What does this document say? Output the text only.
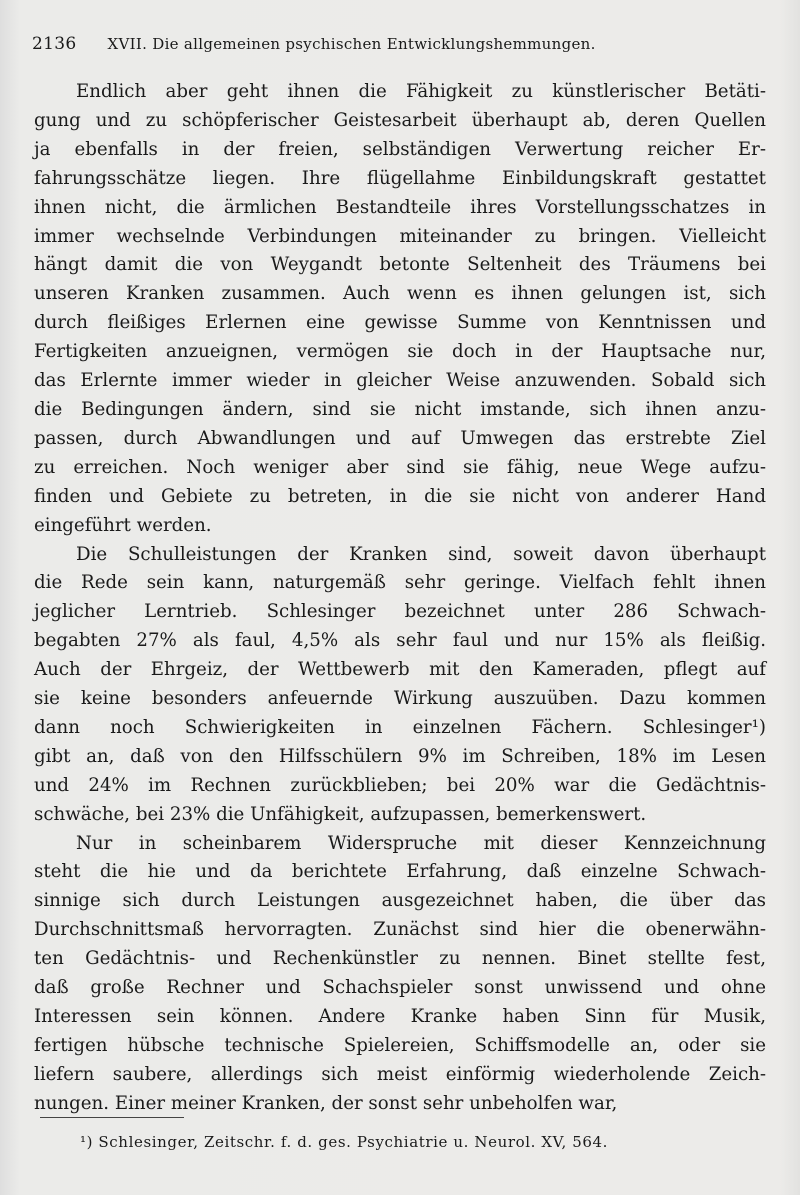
2136 XVII. Die allgemeinen psychischen Entwicklungshemmungen.
Endlich aber geht ihnen die Fähigkeit zu künstlerischer Betäti-
gung und zu schöpferischer Geistesarbeit überhaupt ab, deren Quellen
ja ebenfalls in der freien, selbständigen Verwertung reicher Er-
fahrungsschätze liegen. Ihre flügellahme Einbildungskraft gestattet
ihnen nicht, die ärmlichen Bestandteile ihres Vorstellungsschatzes in
immer wechselnde Verbindungen miteinander zu bringen. Vielleicht
hängt damit die von Weygandt betonte Seltenheit des Träumens bei
unseren Kranken zusammen. Auch wenn es ihnen gelungen ist, sich
durch fleißiges Erlernen eine gewisse Summe von Kenntnissen und
Fertigkeiten anzueignen, vermögen sie doch in der Hauptsache nur,
das Erlernte immer wieder in gleicher Weise anzuwenden. Sobald sich
die Bedingungen ändern, sind sie nicht imstande, sich ihnen anzu-
passen, durch Abwandlungen und auf Umwegen das erstrebte Ziel
zu erreichen. Noch weniger aber sind sie fähig, neue Wege aufzu-
finden und Gebiete zu betreten, in die sie nicht von anderer Hand
eingeführt werden.
Die Schulleistungen der Kranken sind, soweit davon überhaupt
die Rede sein kann, naturgemäß sehr geringe. Vielfach fehlt ihnen
jeglicher Lerntrieb. Schlesinger bezeichnet unter 286 Schwach-
begabten 27% als faul, 4,5% als sehr faul und nur 15% als fleißig.
Auch der Ehrgeiz, der Wettbewerb mit den Kameraden, pflegt auf
sie keine besonders anfeuernde Wirkung auszuüben. Dazu kommen
dann noch Schwierigkeiten in einzelnen Fächern. Schlesinger¹)
gibt an, daß von den Hilfsschülern 9% im Schreiben, 18% im Lesen
und 24% im Rechnen zurückblieben; bei 20% war die Gedächtnis-
schwäche, bei 23% die Unfähigkeit, aufzupassen, bemerkenswert.
Nur in scheinbarem Widerspruche mit dieser Kennzeichnung
steht die hie und da berichtete Erfahrung, daß einzelne Schwach-
sinnige sich durch Leistungen ausgezeichnet haben, die über das
Durchschnittsmaß hervorragten. Zunächst sind hier die obenerwähn-
ten Gedächtnis- und Rechenkünstler zu nennen. Binet stellte fest,
daß große Rechner und Schachspieler sonst unwissend und ohne
Interessen sein können. Andere Kranke haben Sinn für Musik,
fertigen hübsche technische Spielereien, Schiffsmodelle an, oder sie
liefern saubere, allerdings sich meist einförmig wiederholende Zeich-
nungen. Einer meiner Kranken, der sonst sehr unbeholfen war,
¹) Schlesinger, Zeitschr. f. d. ges. Psychiatrie u. Neurol. XV, 564.
